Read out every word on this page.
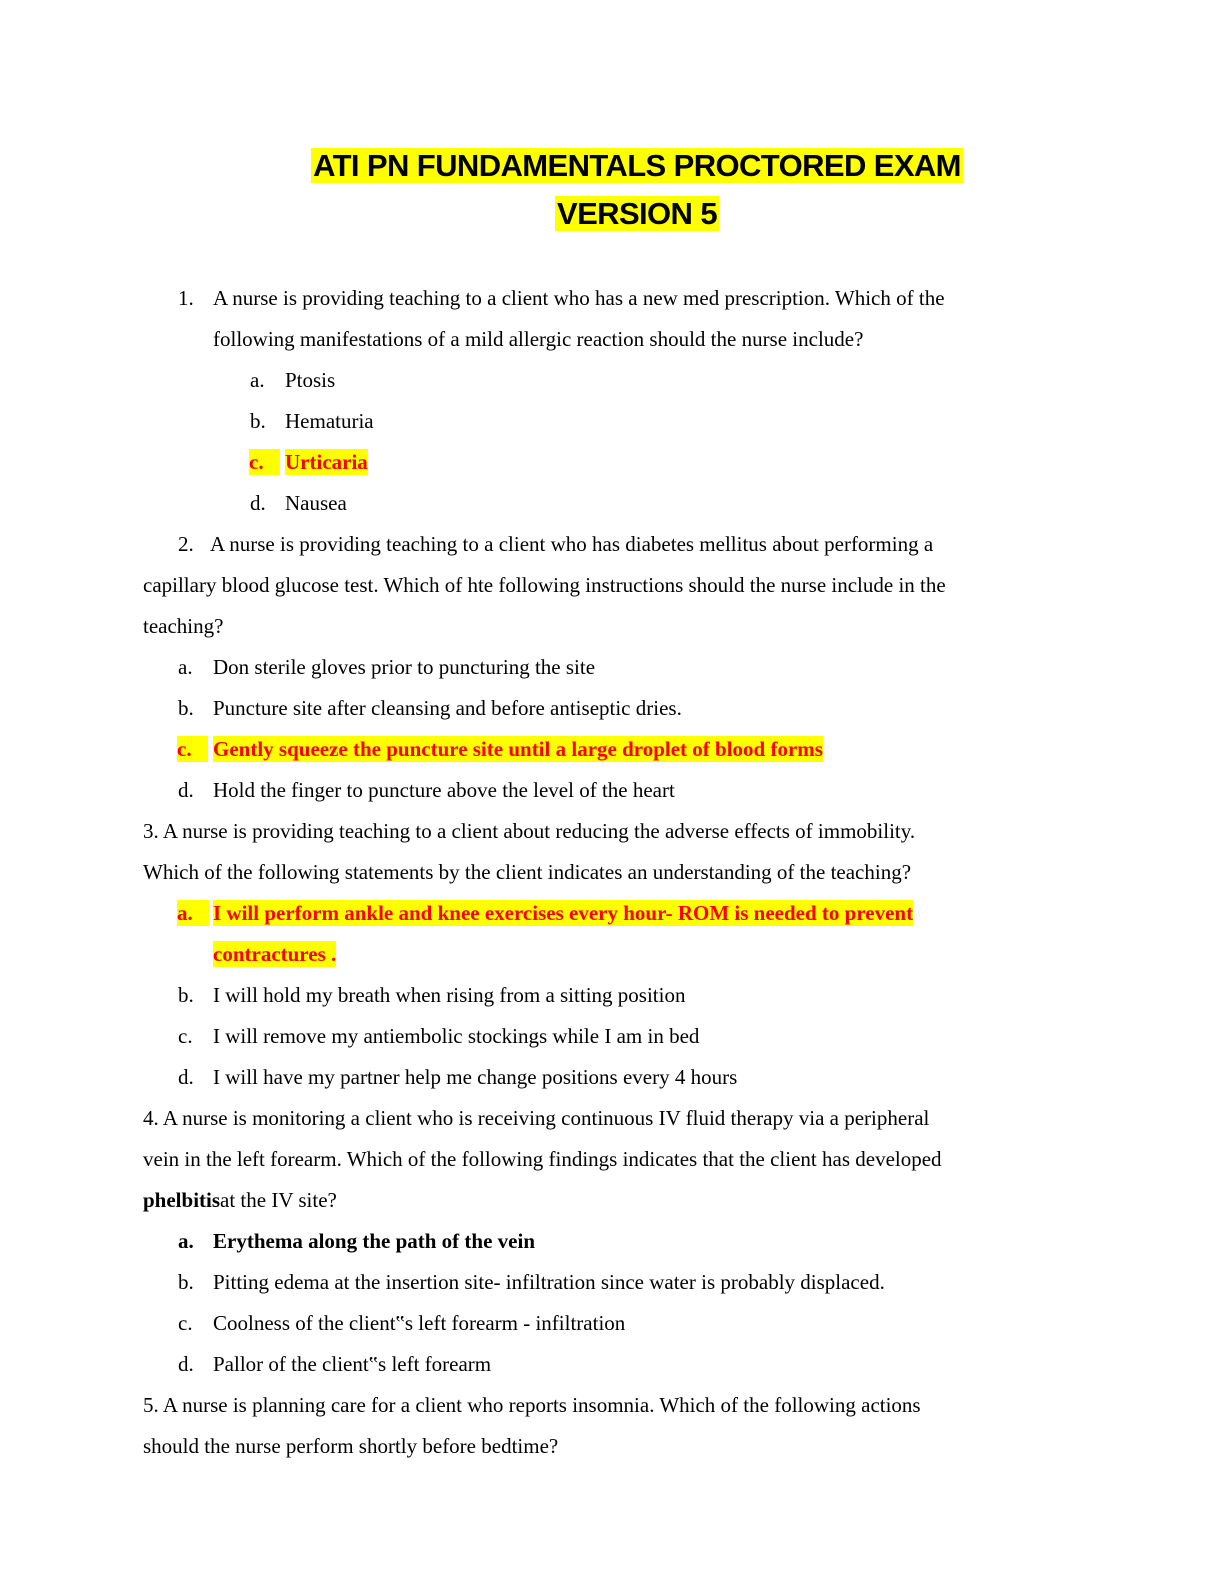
ATI PN FUNDAMENTALS PROCTORED EXAM
VERSION 5
1. A nurse is providing teaching to a client who has a new med prescription. Which of the
following manifestations of a mild allergic reaction should the nurse include?
a. Ptosis
b. Hematuria
c.	Urticaria
d. Nausea
2. A nurse is providing teaching to a client who has diabetes mellitus about performing a
capillary blood glucose test. Which of hte following instructions should the nurse include in the
teaching?
a. Don sterile gloves prior to puncturing the site
b. Puncture site after cleansing and before antiseptic dries.
c.	Gently squeeze the puncture site until a large droplet of blood forms
d. Hold the finger to puncture above the level of the heart
3. A nurse is providing teaching to a client about reducing the adverse effects of immobility.
Which of the following statements by the client indicates an understanding of the teaching?
a. I will perform ankle and knee exercises every hour- ROM is needed to prevent
contractures .
b. I will hold my breath when rising from a sitting position
c. I will remove my antiembolic stockings while I am in bed
d. I will have my partner help me change positions every 4 hours
4. A nurse is monitoring a client who is receiving continuous IV fluid therapy via a peripheral
vein in the left forearm. Which of the following findings indicates that the client has developed
phelbitisat the IV site?
a. Erythema along the path of the vein
b. Pitting edema at the insertion site- infiltration since water is probably displaced.
c. Coolness of the client‟s left forearm - infiltration
d. Pallor of the client‟s left forearm
5. A nurse is planning care for a client who reports insomnia. Which of the following actions
should the nurse perform shortly before bedtime?
